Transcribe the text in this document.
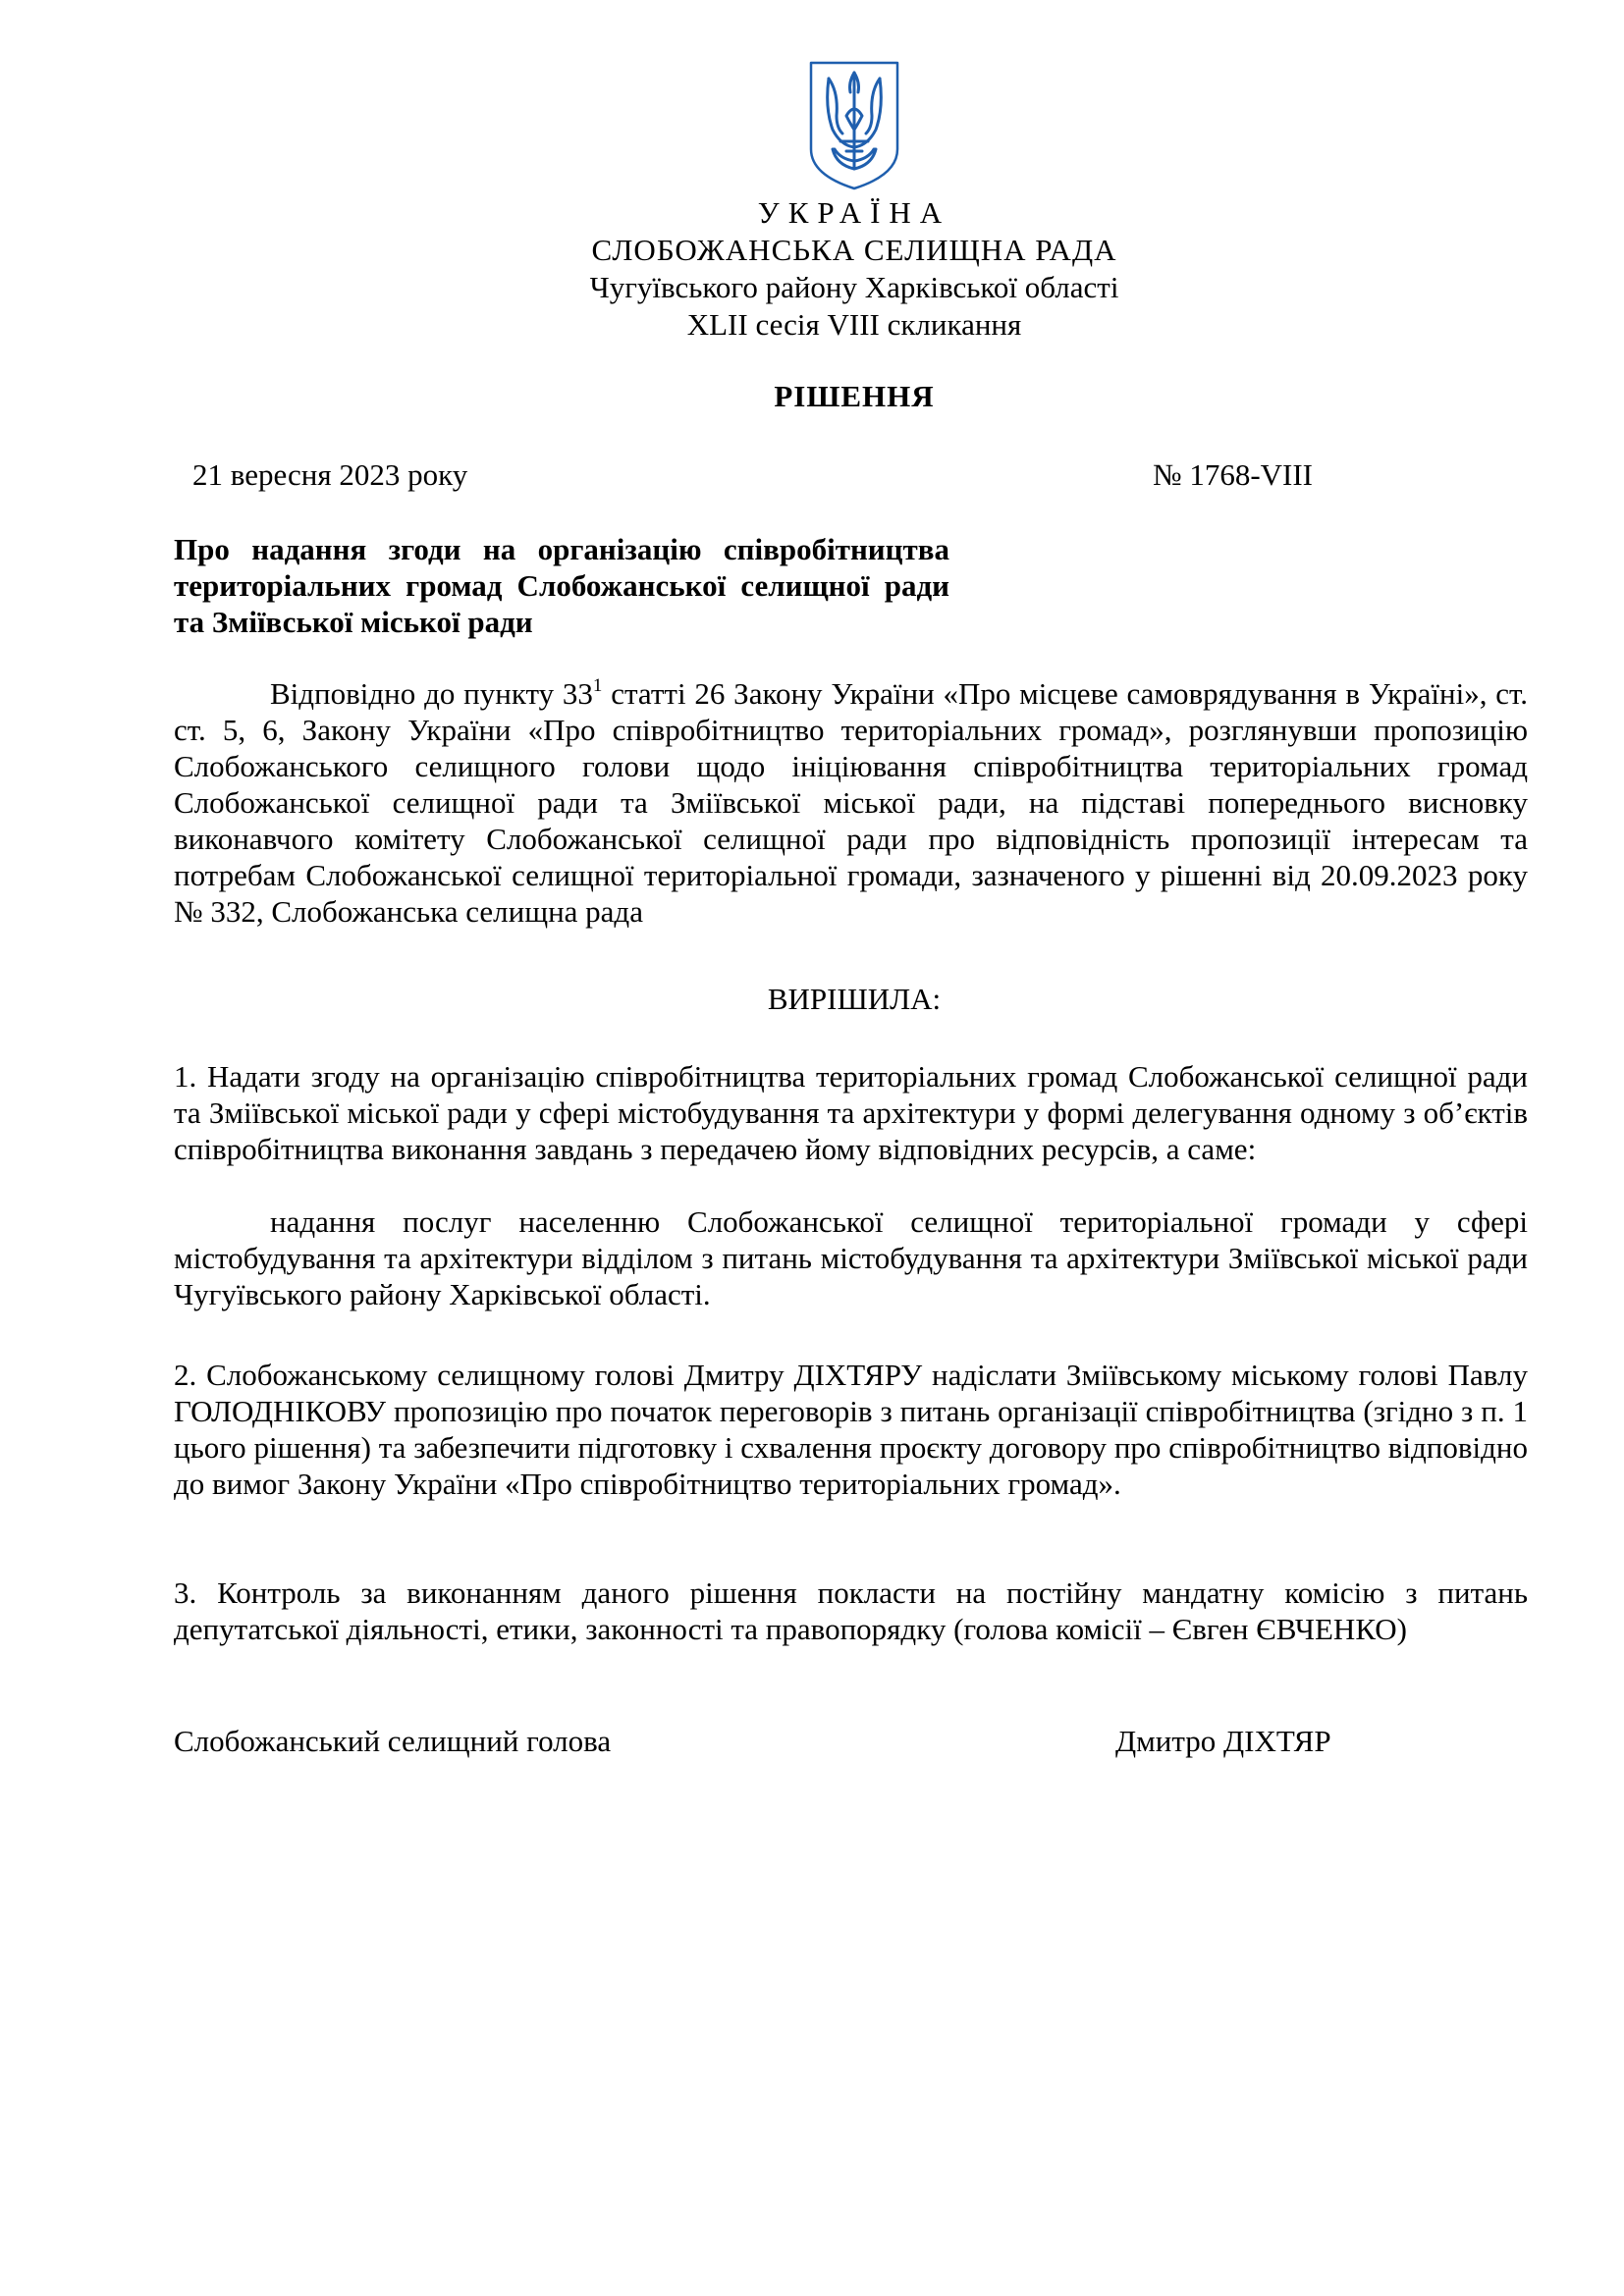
УКРАЇНА
СЛОБОЖАНСЬКА СЕЛИЩНА РАДА
Чугуївського району Харківської області
XLII сесія VIII скликання
РІШЕННЯ
21 вересня 2023 року	№ 1768-VIII
Про надання згоди на організацію співробітництва територіальних громад Слобожанської селищної ради та Зміївської міської ради

Відповідно до пункту $33^1$ статті 26 Закону України «Про місцеве самоврядування в Україні», ст. ст. 5, 6, Закону України «Про співробітництво територіальних громад», розглянувши пропозицію Слобожанського селищного голови щодо ініціювання співробітництва територіальних громад Слобожанської селищної ради та Зміївської міської ради, на підставі попереднього висновку виконавчого комітету Слобожанської селищної ради про відповідність пропозиції інтересам та потребам Слобожанської селищної територіальної громади, зазначеного у рішенні від 20.09.2023 року № 332, Слобожанська селищна рада

ВИРІШИЛА:

1. Надати згоду на організацію співробітництва територіальних громад Слобожанської селищної ради та Зміївської міської ради у сфері містобудування та архітектури у формі делегування одному з об’єктів співробітництва виконання завдань з передачею йому відповідних ресурсів, а саме:

надання послуг населенню Слобожанської селищної територіальної громади у сфері містобудування та архітектури відділом з питань містобудування та архітектури Зміївської міської ради Чугуївського району Харківської області.

2. Слобожанському селищному голові Дмитру ДІХТЯРУ надіслати Зміївському міському голові Павлу ГОЛОДНІКОВУ пропозицію про початок переговорів з питань організації співробітництва (згідно з п. 1 цього рішення) та забезпечити підготовку і схвалення проєкту договору про співробітництво відповідно до вимог Закону України «Про співробітництво територіальних громад».

3. Контроль за виконанням даного рішення покласти на постійну мандатну комісію з питань депутатської діяльності, етики, законності та правопорядку (голова комісії – Євген ЄВЧЕНКО)

Слобожанський селищний голова	Дмитро ДІХТЯР
